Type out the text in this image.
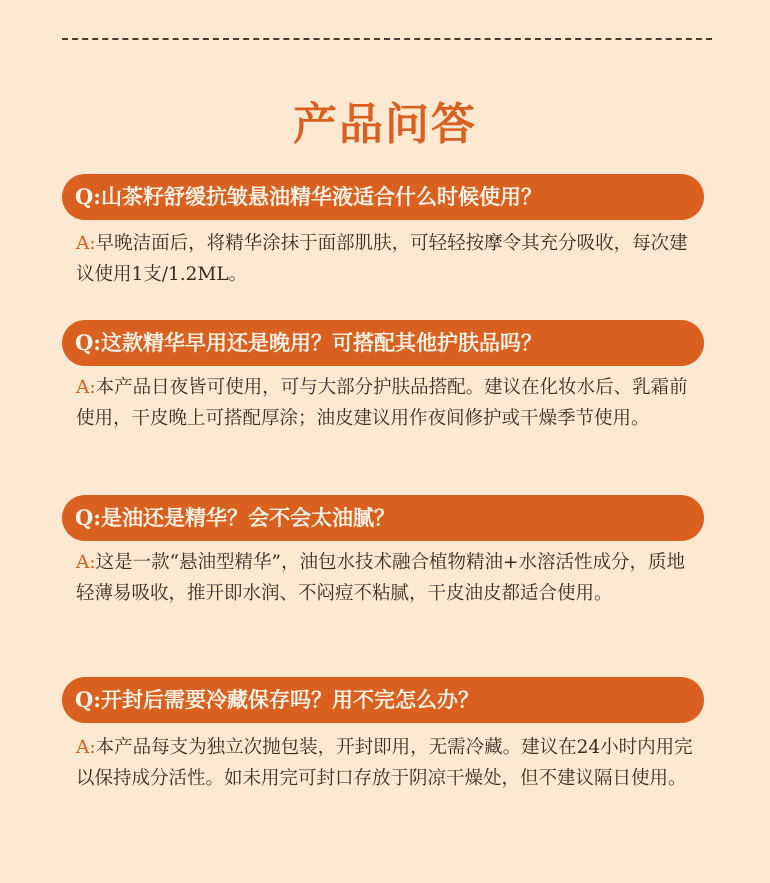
产品问答
Q:山茶籽舒缓抗皱悬油精华液适合什么时候使用？
A:早晚洁面后，将精华涂抹于面部肌肤，可轻轻按摩令其充分吸收，每次建议使用1支/1.2ML。
Q:这款精华早用还是晚用？可搭配其他护肤品吗？
A:本产品日夜皆可使用，可与大部分护肤品搭配。建议在化妆水后、乳霜前使用，干皮晚上可搭配厚涂；油皮建议用作夜间修护或干燥季节使用。
Q:是油还是精华？会不会太油腻？
A:这是一款“悬油型精华”，油包水技术融合植物精油+水溶活性成分，质地轻薄易吸收，推开即水润、不闷痘不粘腻，干皮油皮都适合使用。
Q:开封后需要冷藏保存吗？用不完怎么办？
A:本产品每支为独立次抛包装，开封即用，无需冷藏。建议在24小时内用完以保持成分活性。如未用完可封口存放于阴凉干燥处，但不建议隔日使用。
